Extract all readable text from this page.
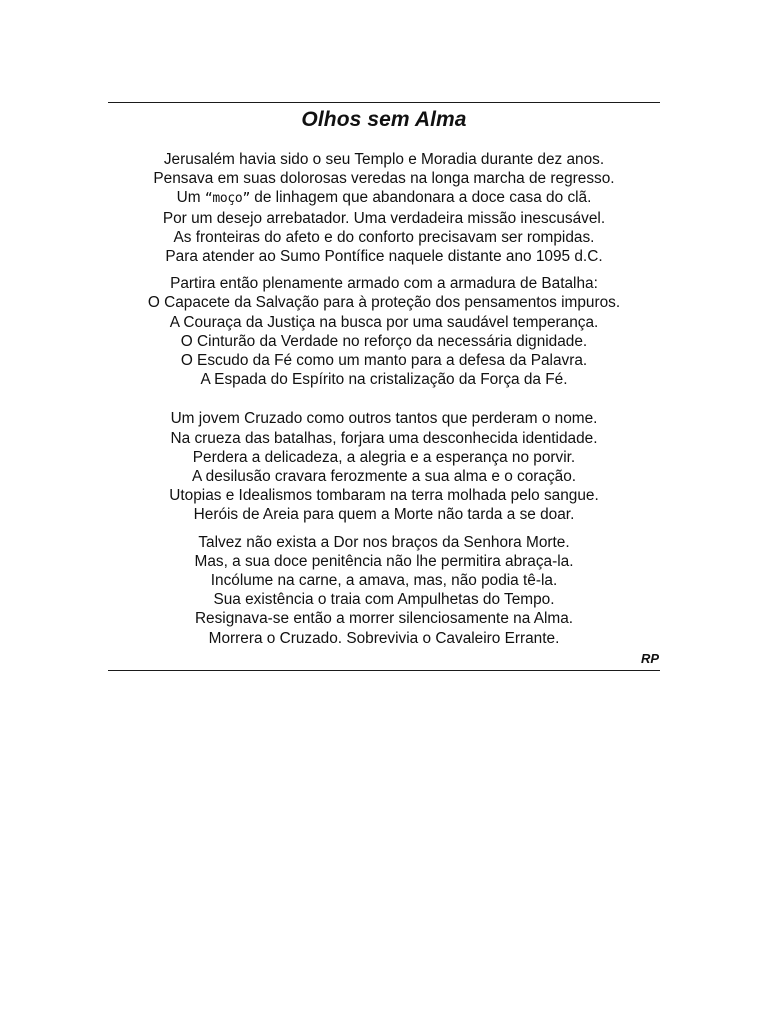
Olhos sem Alma
Jerusalém havia sido o seu Templo e Moradia durante dez anos.
Pensava em suas dolorosas veredas na longa marcha de regresso.
Um “moço” de linhagem que abandonara a doce casa do clã.
Por um desejo arrebatador. Uma verdadeira missão inescusável.
As fronteiras do afeto e do conforto precisavam ser rompidas.
Para atender ao Sumo Pontífice naquele distante ano 1095 d.C.
Partira então plenamente armado com a armadura de Batalha:
O Capacete da Salvação para à proteção dos pensamentos impuros.
A Couraça da Justiça na busca por uma saudável temperança.
O Cinturão da Verdade no reforço da necessária dignidade.
O Escudo da Fé como um manto para a defesa da Palavra.
A Espada do Espírito na cristalização da Força da Fé.
Um jovem Cruzado como outros tantos que perderam o nome.
Na crueza das batalhas, forjara uma desconhecida identidade.
Perdera a delicadeza, a alegria e a esperança no porvir.
A desilusão cravara ferozmente a sua alma e o coração.
Utopias e Idealismos tombaram na terra molhada pelo sangue.
Heróis de Areia para quem a Morte não tarda a se doar.
Talvez não exista a Dor nos braços da Senhora Morte.
Mas, a sua doce penitência não lhe permitira abraça-la.
Incólume na carne, a amava, mas, não podia tê-la.
Sua existência o traia com Ampulhetas do Tempo.
Resignava-se então a morrer silenciosamente na Alma.
Morrera o Cruzado. Sobrevivia o Cavaleiro Errante.
RP
